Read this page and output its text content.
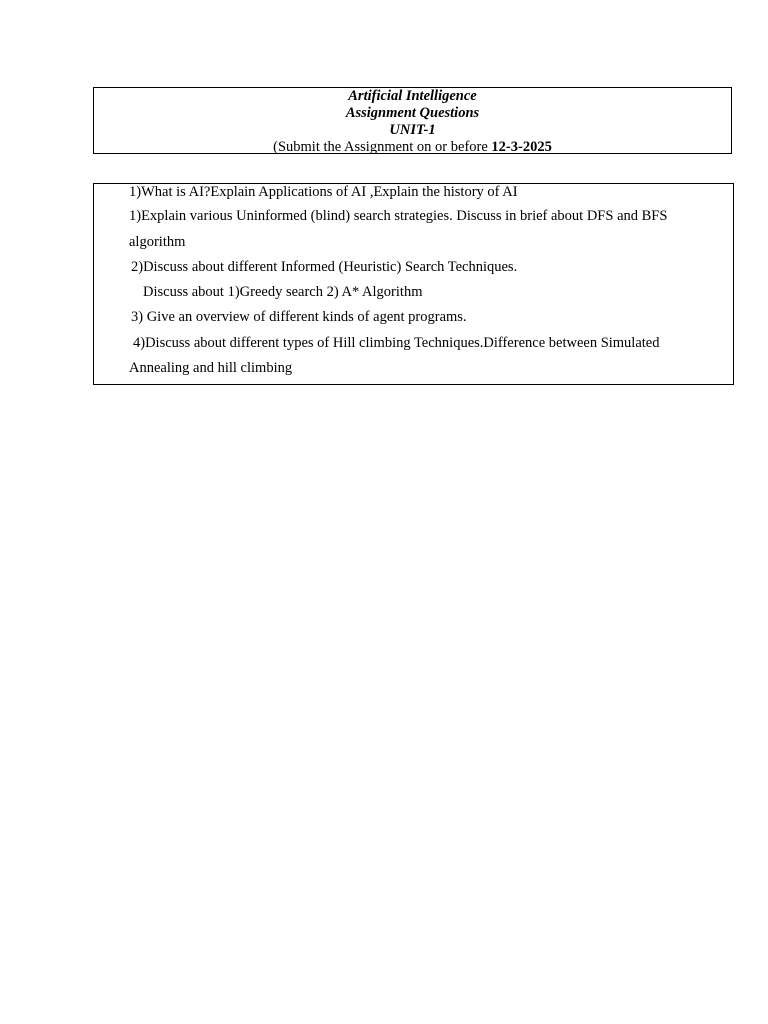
Artificial Intelligence
Assignment Questions
UNIT-1
(Submit the Assignment on or before 12-3-2025
1)What is AI?Explain Applications of AI ,Explain the history of AI
1)Explain various Uninformed (blind) search strategies. Discuss in brief about DFS and BFS
algorithm
2)Discuss about different Informed (Heuristic) Search Techniques.
Discuss about 1)Greedy search 2) A* Algorithm
3) Give an overview of different kinds of agent programs.
4)Discuss about different types of Hill climbing Techniques.Difference between Simulated
Annealing and hill climbing
